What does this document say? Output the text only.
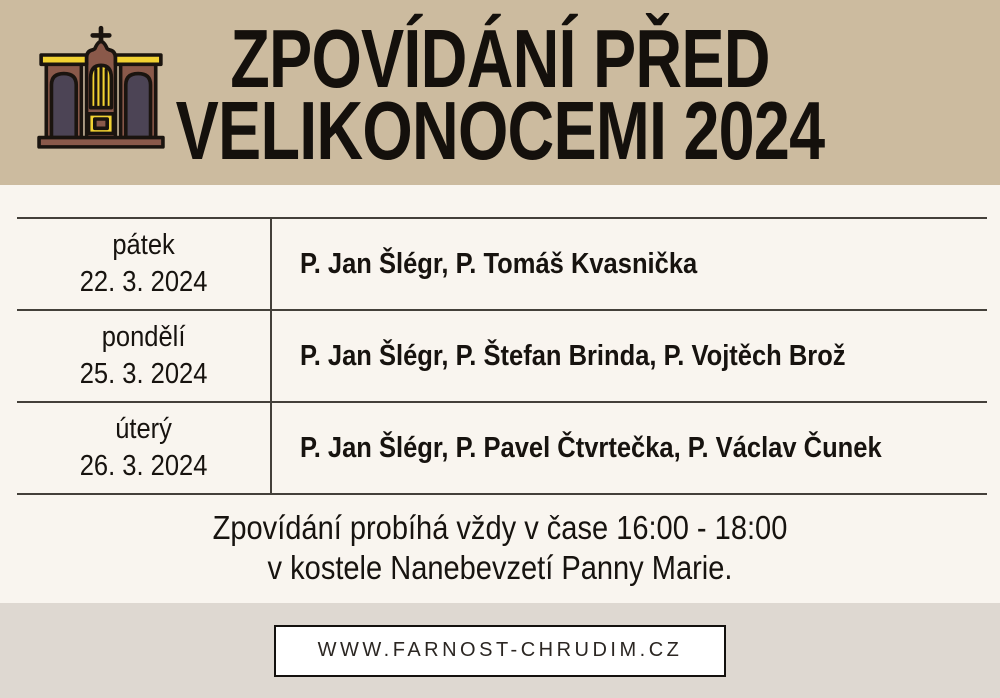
ZPOVÍDÁNÍ PŘED
VELIKONOCEMI 2024
pátek
22. 3. 2024
P. Jan Šlégr, P. Tomáš Kvasnička
pondělí
25. 3. 2024
P. Jan Šlégr, P. Štefan Brinda, P. Vojtěch Brož
úterý
26. 3. 2024
P. Jan Šlégr, P. Pavel Čtvrtečka, P. Václav Čunek

Zpovídání probíhá vždy v čase 16:00 - 18:00
v kostele Nanebevzetí Panny Marie.

WWW.FARNOST-CHRUDIM.CZ
